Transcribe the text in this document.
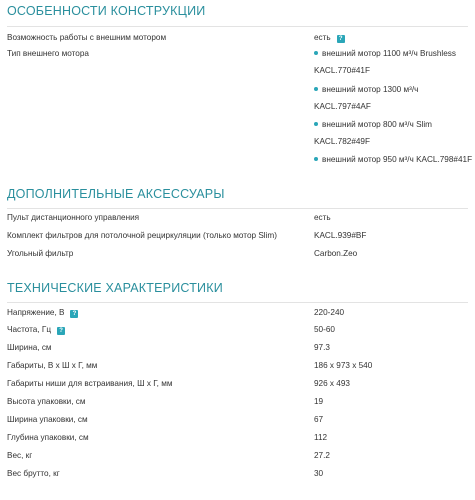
ОСОБЕННОСТИ КОНСТРУКЦИИ
Возможность работы с внешним мотором	есть ?
Тип внешнего мотора	внешний мотор 1100 м³/ч Brushless
KACL.770#41F
внешний мотор 1300 м³/ч
KACL.797#4AF
внешний мотор 800 м³/ч Slim
KACL.782#49F
внешний мотор 950 м³/ч KACL.798#41F
ДОПОЛНИТЕЛЬНЫЕ АКСЕССУАРЫ
Пульт дистанционного управления	есть
Комплект фильтров для потолочной рециркуляции (только мотор Slim)	KACL.939#BF
Угольный фильтр	Carbon.Zeo
ТЕХНИЧЕСКИЕ ХАРАКТЕРИСТИКИ
Напряжение, В ?	220-240
Частота, Гц ?	50-60
Ширина, см	97.3
Габариты, В х Ш х Г, мм	186 x 973 x 540
Габариты ниши для встраивания, Ш х Г, мм	926 x 493
Высота упаковки, см	19
Ширина упаковки, см	67
Глубина упаковки, см	112
Вес, кг	27.2
Вес брутто, кг	30
